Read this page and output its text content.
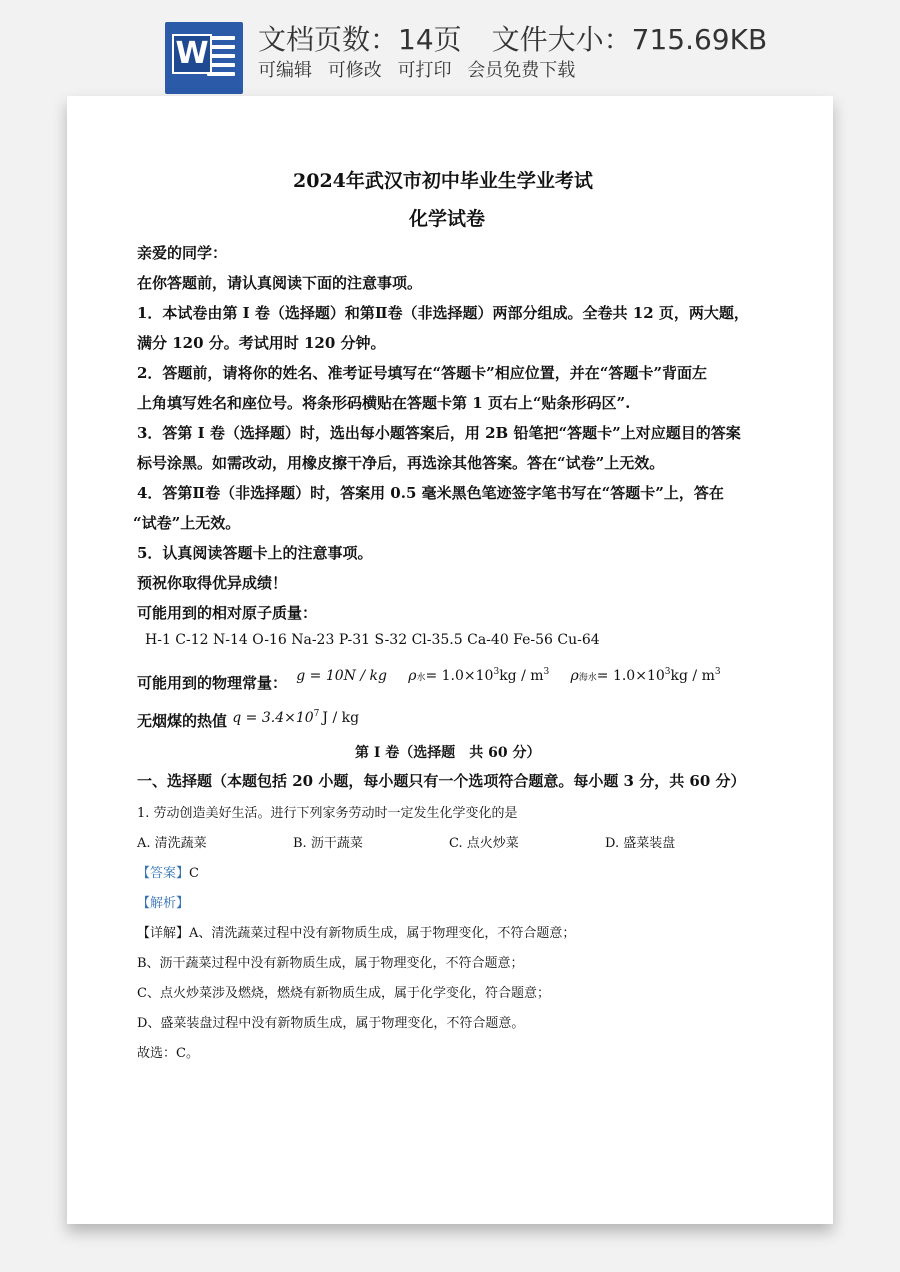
W 文档页数：14页 文件大小：715.69KB
可编辑 可修改 可打印 会员免费下载
2024年武汉市初中毕业生学业考试
化学试卷
亲爱的同学：
在你答题前，请认真阅读下面的注意事项。
1．本试卷由第 I 卷（选择题）和第Ⅱ卷（非选择题）两部分组成。全卷共 12 页，两大题，
满分 120 分。考试用时 120 分钟。
2．答题前，请将你的姓名、准考证号填写在“答题卡”相应位置，并在“答题卡”背面左
上角填写姓名和座位号。将条形码横贴在答题卡第 1 页右上“贴条形码区”.
3．答第 I 卷（选择题）时，选出每小题答案后，用 2B 铅笔把“答题卡”上对应题目的答案
标号涂黑。如需改动，用橡皮擦干净后，再选涂其他答案。答在“试卷”上无效。
4．答第Ⅱ卷（非选择题）时，答案用 0.5 毫米黑色笔迹签字笔书写在“答题卡”上，答在
“试卷”上无效。
5．认真阅读答题卡上的注意事项。
预祝你取得优异成绩！
可能用到的相对原子质量：
H-1 C-12 N-14 O-16 Na-23 P-31 S-32 Cl-35.5 Ca-40 Fe-56 Cu-64
可能用到的物理常量： g = 10N / kg ρ水= $1.0\times 10^3kg / m^3$ ρ海水= $1.0\times 10^3kg / m^3$
无烟煤的热值 $q = 3.4\times 10^7$ J / kg
第 I 卷（选择题　共 60 分）
一、选择题（本题包括 20 小题，每小题只有一个选项符合题意。每小题 3 分，共 60 分）
1. 劳动创造美好生活。进行下列家务劳动时一定发生化学变化的是
A. 清洗蔬菜	B. 沥干蔬菜	C. 点火炒菜	D. 盛菜装盘
【答案】C
【解析】
【详解】A、清洗蔬菜过程中没有新物质生成，属于物理变化，不符合题意；
B、沥干蔬菜过程中没有新物质生成，属于物理变化，不符合题意；
C、点火炒菜涉及燃烧，燃烧有新物质生成，属于化学变化，符合题意；
D、盛菜装盘过程中没有新物质生成，属于物理变化，不符合题意。
故选：C。
